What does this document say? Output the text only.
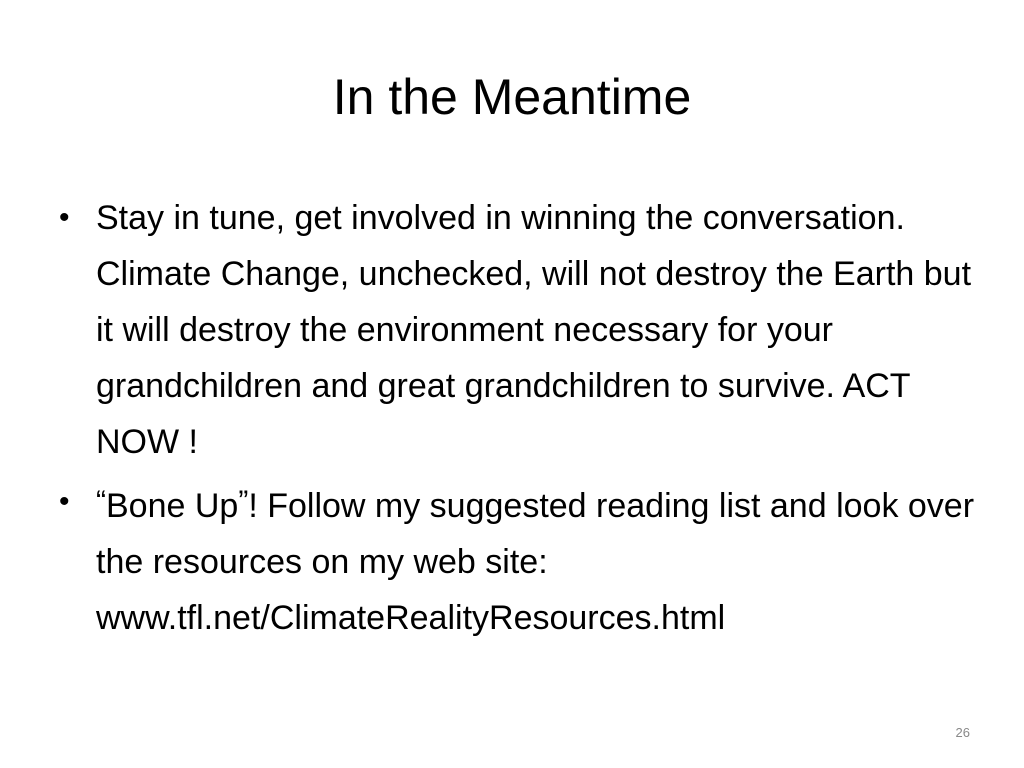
In the Meantime
• Stay in tune, get involved in winning the conversation. Climate Change, unchecked, will not destroy the Earth but it will destroy the environment necessary for your grandchildren and great grandchildren to survive. ACT NOW !
• “Bone Up”! Follow my suggested reading list and look over the resources on my web site: www.tfl.net/ClimateRealityResources.html
26
